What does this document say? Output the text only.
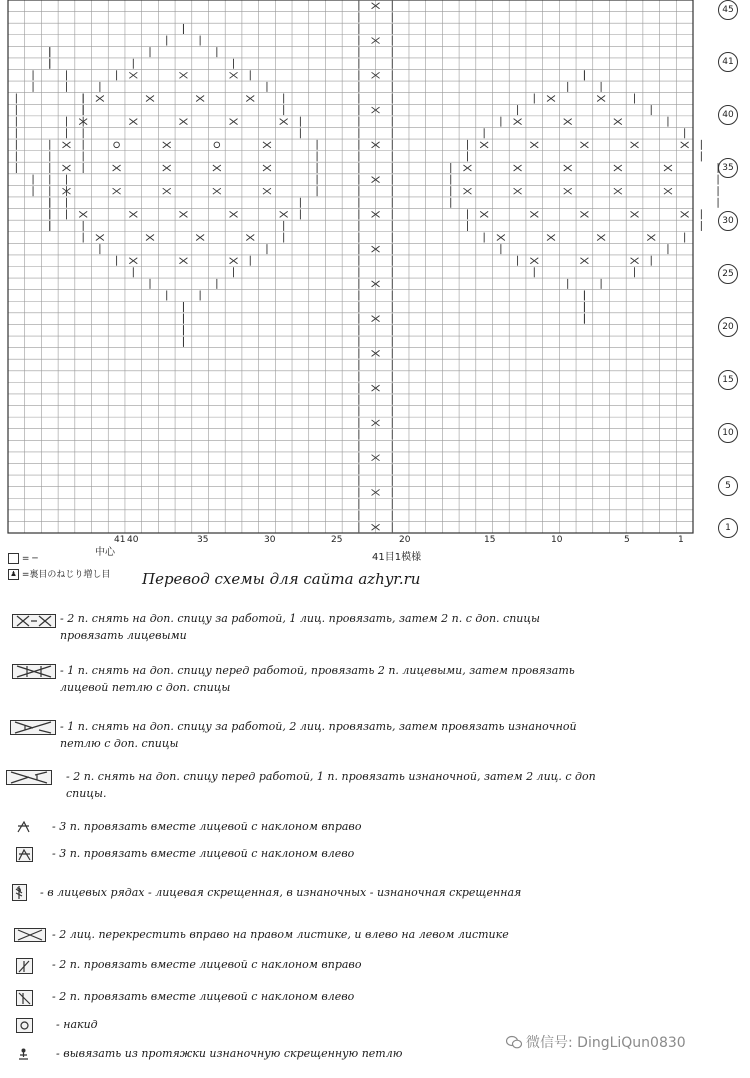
45
41
40
35
30
25
20
15
10
5
1
41 40	35	30	25	20	15	10	5	1
中心	41目1模様
= ─
♟ =裏目のねじり増し目 Перевод схемы для сайта azhyr.ru
- 2 п. снять на доп. спицу за работой, 1 лиц. провязать, затем 2 п. с доп. спицы провязать лицевыми
- 1 п. снять на доп. спицу перед работой, провязать 2 п. лицевыми, затем провязать лицевой петлю с доп. спицы
- 1 п. снять на доп. спицу за работой, 2 лиц. провязать, затем провязать изнаночной петлю с доп. спицы
- 2 п. снять на доп. спицу перед работой, 1 п. провязать изнаночной, затем 2 лиц. с доп спицы.
- 3 п. провязать вместе лицевой с наклоном вправо
- 3 п. провязать вместе лицевой с наклоном влево
- в лицевых рядах - лицевая скрещенная, в изнаночных - изнаночная скрещенная
- 2 лиц. перекрестить вправо на правом листике, и влево на левом листике
- 2 п. провязать вместе лицевой с наклоном вправо
- 2 п. провязать вместе лицевой с наклоном влево
- накид
- вывязать из протяжки изнаночную скрещенную петлю
微信号: DingLiQun0830
